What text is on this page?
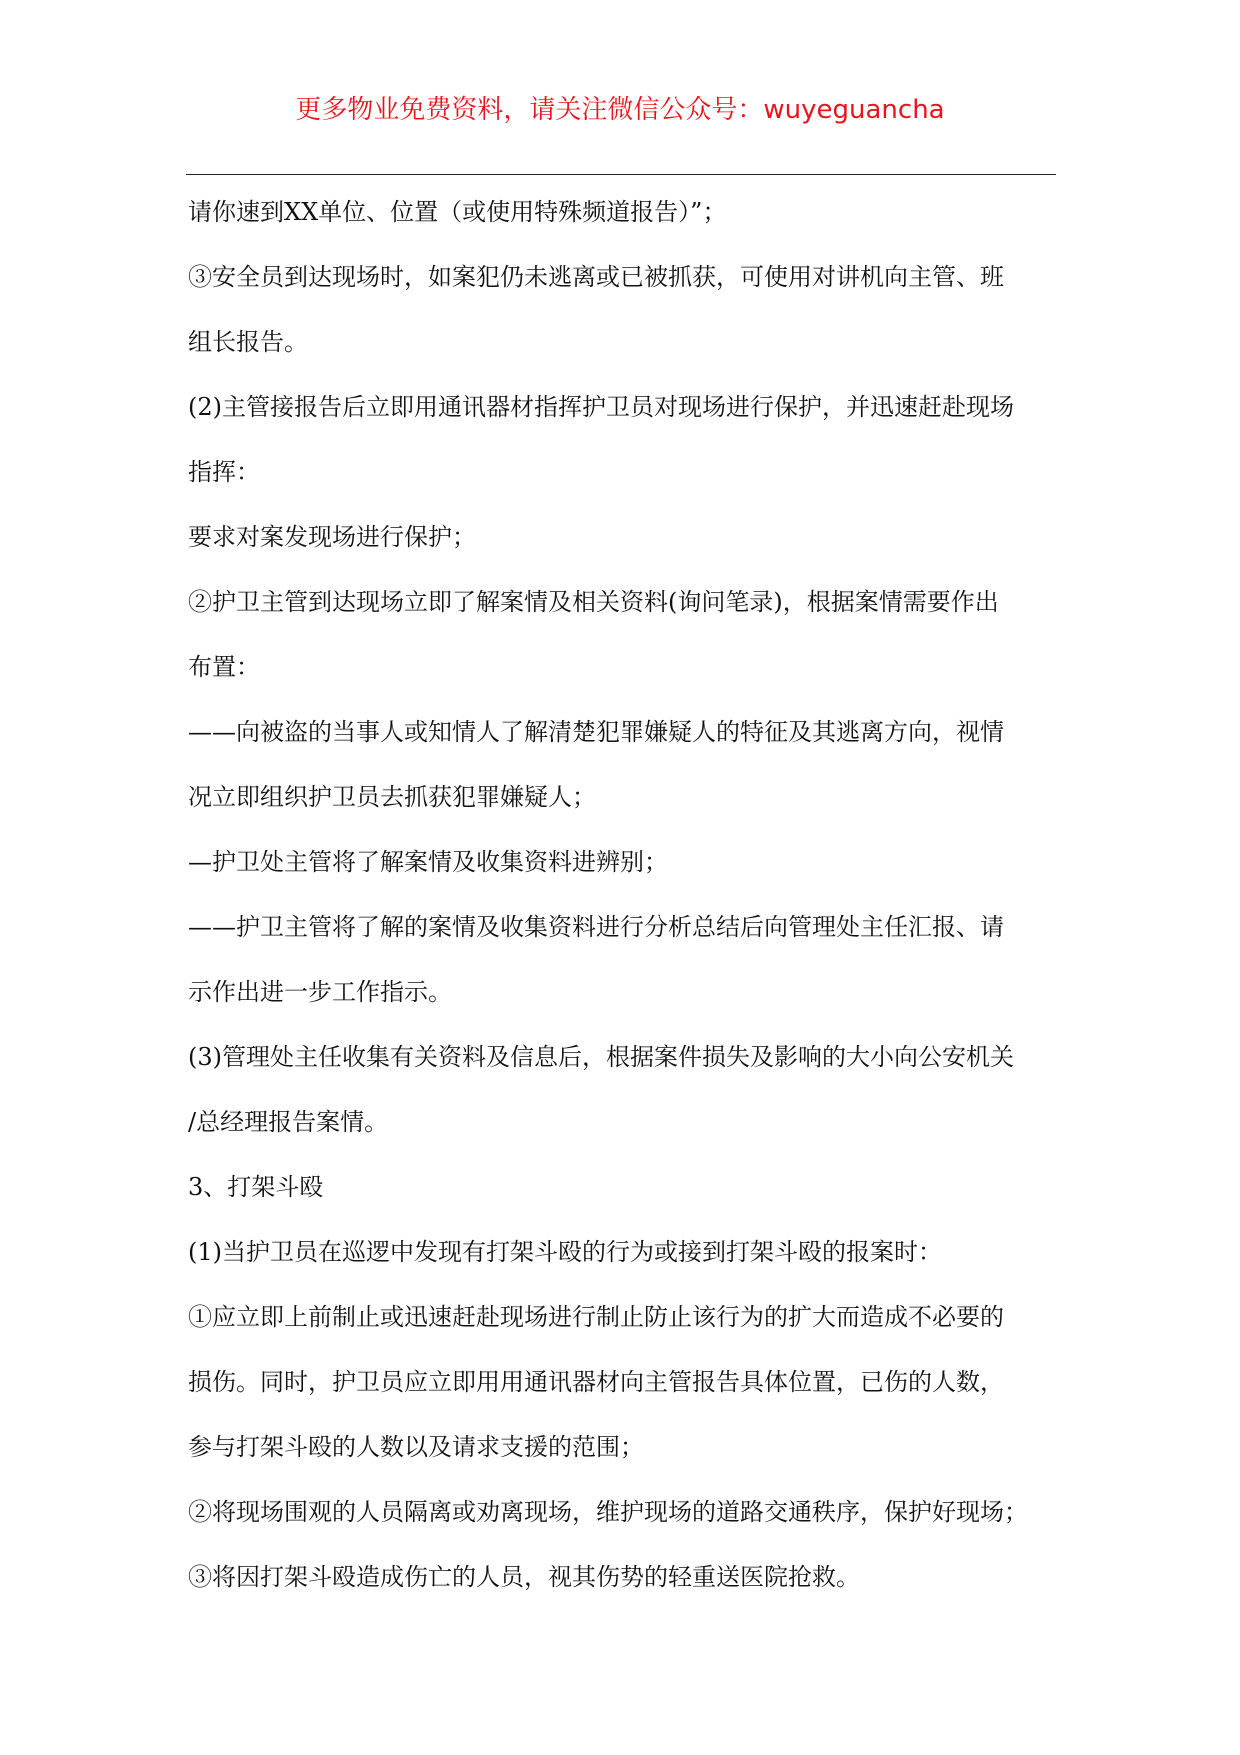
更多物业免费资料，请关注微信公众号：wuyeguancha
请你速到XX单位、位置（或使用特殊频道报告）”；
③安全员到达现场时，如案犯仍未逃离或已被抓获，可使用对讲机向主管、班
组长报告。
(2)主管接报告后立即用通讯器材指挥护卫员对现场进行保护，并迅速赶赴现场
指挥：
要求对案发现场进行保护；
②护卫主管到达现场立即了解案情及相关资料(询问笔录)，根据案情需要作出
布置：
——向被盗的当事人或知情人了解清楚犯罪嫌疑人的特征及其逃离方向，视情
况立即组织护卫员去抓获犯罪嫌疑人；
—护卫处主管将了解案情及收集资料进辨别；
——护卫主管将了解的案情及收集资料进行分析总结后向管理处主任汇报、请
示作出进一步工作指示。
(3)管理处主任收集有关资料及信息后，根据案件损失及影响的大小向公安机关
/总经理报告案情。
3、打架斗殴
(1)当护卫员在巡逻中发现有打架斗殴的行为或接到打架斗殴的报案时：
①应立即上前制止或迅速赶赴现场进行制止防止该行为的扩大而造成不必要的
损伤。同时，护卫员应立即用用通讯器材向主管报告具体位置，已伤的人数，
参与打架斗殴的人数以及请求支援的范围；
②将现场围观的人员隔离或劝离现场，维护现场的道路交通秩序，保护好现场；
③将因打架斗殴造成伤亡的人员，视其伤势的轻重送医院抢救。
